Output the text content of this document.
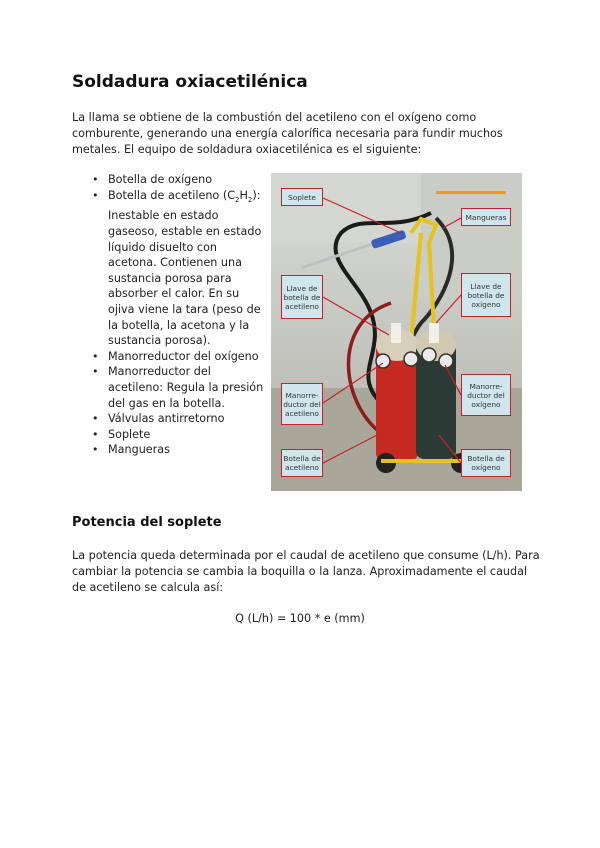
Soldadura oxiacetilénica

La llama se obtiene de la combustión del acetileno con el oxígeno como comburente, generando una energía calorífica necesaria para fundir muchos metales. El equipo de soldadura oxiacetilénica es el siguiente:

• Botella de oxígeno
• Botella de acetileno $(C_2H_2)$: Inestable en estado gaseoso, estable en estado líquido disuelto con acetona. Contienen una sustancia porosa para absorber el calor. En su ojiva viene la tara (peso de la botella, la acetona y la sustancia porosa).
• Manorreductor del oxígeno
• Manorreductor del acetileno: Regula la presión del gas en la botella.
• Válvulas antirretorno
• Soplete
• Mangueras
Soplete
Mangueras
Llave de botella de acetileno
Llave de botella de oxígeno
Manorre-ductor del acetileno
Manorre-ductor del oxígeno
Botella de acetileno
Botella de oxígeno
Potencia del soplete

La potencia queda determinada por el caudal de acetileno que consume (L/h). Para cambiar la potencia se cambia la boquilla o la lanza. Aproximadamente el caudal de acetileno se calcula así:

Q (L/h) = 100 * e (mm)
